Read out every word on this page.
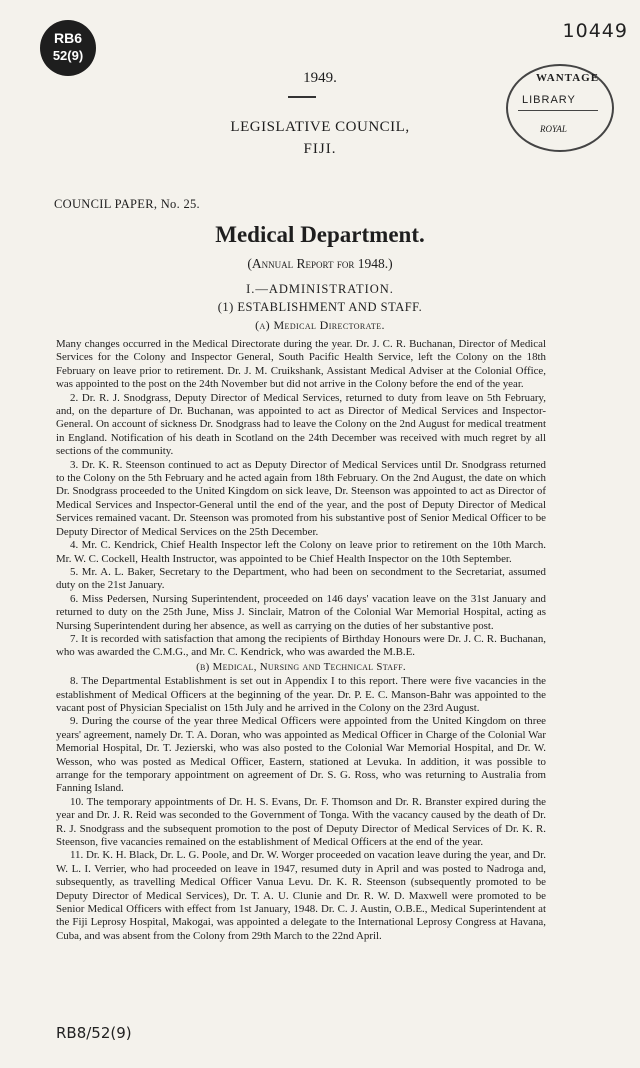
RB6
52(9)
10449
1949.
LEGISLATIVE COUNCIL,
FIJI.
WANTAGE
LIBRARY
ROYAL
COUNCIL PAPER, No. 25.
Medical Department.
(Annual Report for 1948.)
I.—ADMINISTRATION.
(1) ESTABLISHMENT AND STAFF.
(a) Medical Directorate.

Many changes occurred in the Medical Directorate during the year. Dr. J. C. R. Buchanan, Director of Medical Services for the Colony and Inspector General, South Pacific Health Service, left the Colony on the 18th February on leave prior to retirement. Dr. J. M. Cruikshank, Assistant Medical Adviser at the Colonial Office, was appointed to the post on the 24th November but did not arrive in the Colony before the end of the year.

2. Dr. R. J. Snodgrass, Deputy Director of Medical Services, returned to duty from leave on 5th February, and, on the departure of Dr. Buchanan, was appointed to act as Director of Medical Services and Inspector-General. On account of sickness Dr. Snodgrass had to leave the Colony on the 2nd August for medical treatment in England. Notification of his death in Scotland on the 24th December was received with much regret by all sections of the community.

3. Dr. K. R. Steenson continued to act as Deputy Director of Medical Services until Dr. Snodgrass returned to the Colony on the 5th February and he acted again from 18th February. On the 2nd August, the date on which Dr. Snodgrass proceeded to the United Kingdom on sick leave, Dr. Steenson was appointed to act as Director of Medical Services and Inspector-General until the end of the year, and the post of Deputy Director of Medical Services remained vacant. Dr. Steenson was promoted from his substantive post of Senior Medical Officer to be Deputy Director of Medical Services on the 25th December.

4. Mr. C. Kendrick, Chief Health Inspector left the Colony on leave prior to retirement on the 10th March. Mr. W. C. Cockell, Health Instructor, was appointed to be Chief Health Inspector on the 10th September.

5. Mr. A. L. Baker, Secretary to the Department, who had been on secondment to the Secretariat, assumed duty on the 21st January.

6. Miss Pedersen, Nursing Superintendent, proceeded on 146 days' vacation leave on the 31st January and returned to duty on the 25th June, Miss J. Sinclair, Matron of the Colonial War Memorial Hospital, acting as Nursing Superintendent during her absence, as well as carrying on the duties of her substantive post.

7. It is recorded with satisfaction that among the recipients of Birthday Honours were Dr. J. C. R. Buchanan, who was awarded the C.M.G., and Mr. C. Kendrick, who was awarded the M.B.E.

(b) Medical, Nursing and Technical Staff.

8. The Departmental Establishment is set out in Appendix I to this report. There were five vacancies in the establishment of Medical Officers at the beginning of the year. Dr. P. E. C. Manson-Bahr was appointed to the vacant post of Physician Specialist on 15th July and he arrived in the Colony on the 23rd August.

9. During the course of the year three Medical Officers were appointed from the United Kingdom on three years' agreement, namely Dr. T. A. Doran, who was appointed as Medical Officer in Charge of the Colonial War Memorial Hospital, Dr. T. Jezierski, who was also posted to the Colonial War Memorial Hospital, and Dr. W. Wesson, who was posted as Medical Officer, Eastern, stationed at Levuka. In addition, it was possible to arrange for the temporary appointment on agreement of Dr. S. G. Ross, who was returning to Australia from Fanning Island.

10. The temporary appointments of Dr. H. S. Evans, Dr. F. Thomson and Dr. R. Branster expired during the year and Dr. J. R. Reid was seconded to the Government of Tonga. With the vacancy caused by the death of Dr. R. J. Snodgrass and the subsequent promotion to the post of Deputy Director of Medical Services of Dr. K. R. Steenson, five vacancies remained on the establishment of Medical Officers at the end of the year.

11. Dr. K. H. Black, Dr. L. G. Poole, and Dr. W. Worger proceeded on vacation leave during the year, and Dr. W. L. I. Verrier, who had proceeded on leave in 1947, resumed duty in April and was posted to Nadroga and, subsequently, as travelling Medical Officer Vanua Levu. Dr. K. R. Steenson (subsequently promoted to be Deputy Director of Medical Services), Dr. T. A. U. Clunie and Dr. R. W. D. Maxwell were promoted to be Senior Medical Officers with effect from 1st January, 1948. Dr. C. J. Austin, O.B.E., Medical Superintendent at the Fiji Leprosy Hospital, Makogai, was appointed a delegate to the International Leprosy Congress at Havana, Cuba, and was absent from the Colony from 29th March to the 22nd April.

RB8/52(9)
